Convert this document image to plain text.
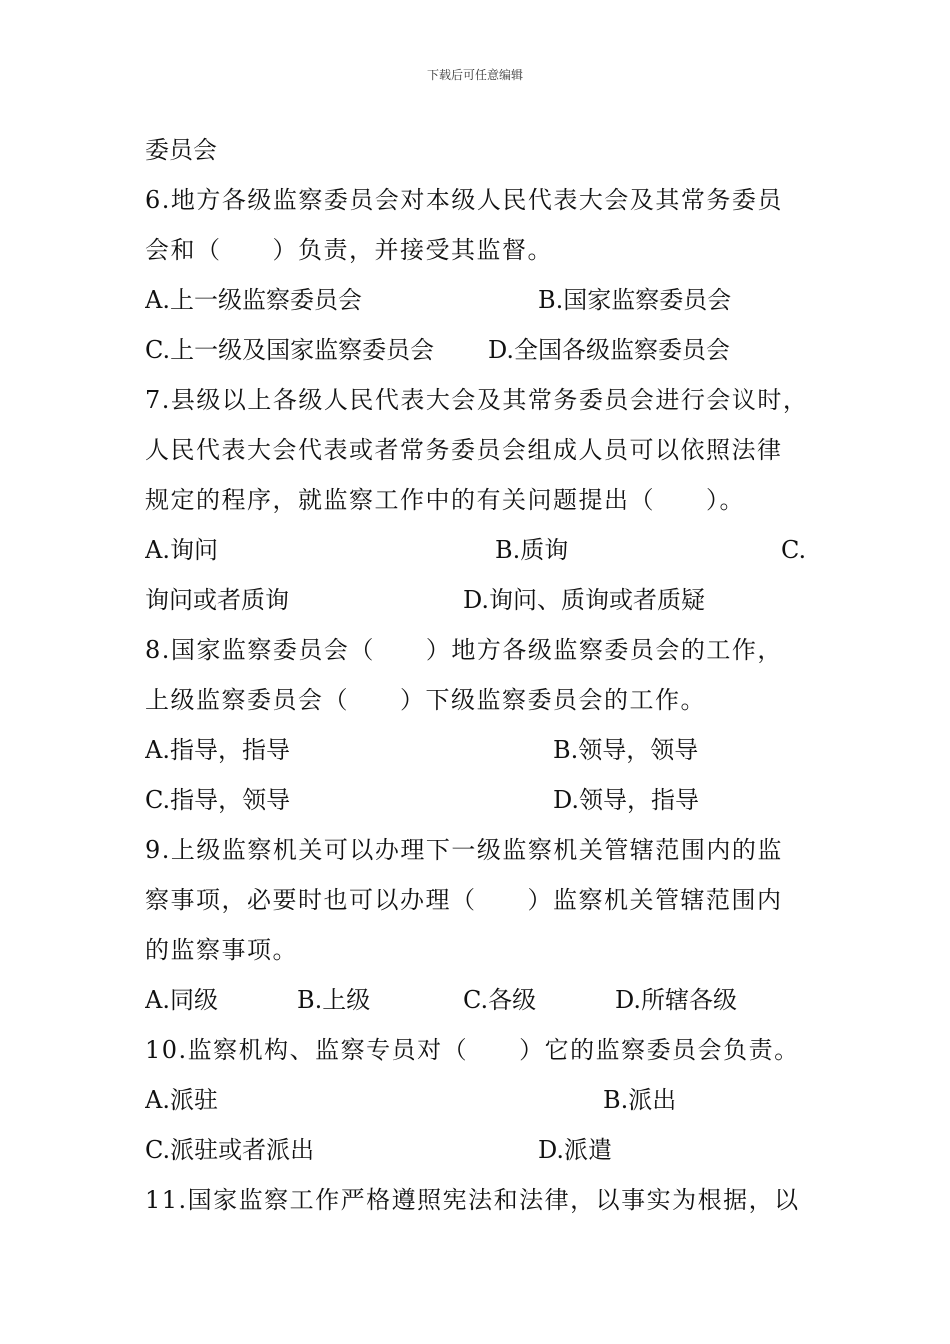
下载后可任意编辑
委员会
6.地方各级监察委员会对本级人民代表大会及其常务委员
会和（　　）负责，并接受其监督。
A.上一级监察委员会	B.国家监察委员会
C.上一级及国家监察委员会 D.全国各级监察委员会
7.县级以上各级人民代表大会及其常务委员会进行会议时，
人民代表大会代表或者常务委员会组成人员可以依照法律
规定的程序，就监察工作中的有关问题提出（　　）。
A.询问	B.质询	C.
询问或者质询	D.询问、质询或者质疑
8.国家监察委员会（　　）地方各级监察委员会的工作，
上级监察委员会（　　）下级监察委员会的工作。
A.指导，指导	B.领导，领导
C.指导，领导	D.领导，指导
9.上级监察机关可以办理下一级监察机关管辖范围内的监
察事项，必要时也可以办理（　　）监察机关管辖范围内
的监察事项。
A.同级	B.上级	C.各级	D.所辖各级
10.监察机构、监察专员对（　　）它的监察委员会负责。
A.派驻	B.派出
C.派驻或者派出	D.派遣
11.国家监察工作严格遵照宪法和法律，以事实为根据，以
